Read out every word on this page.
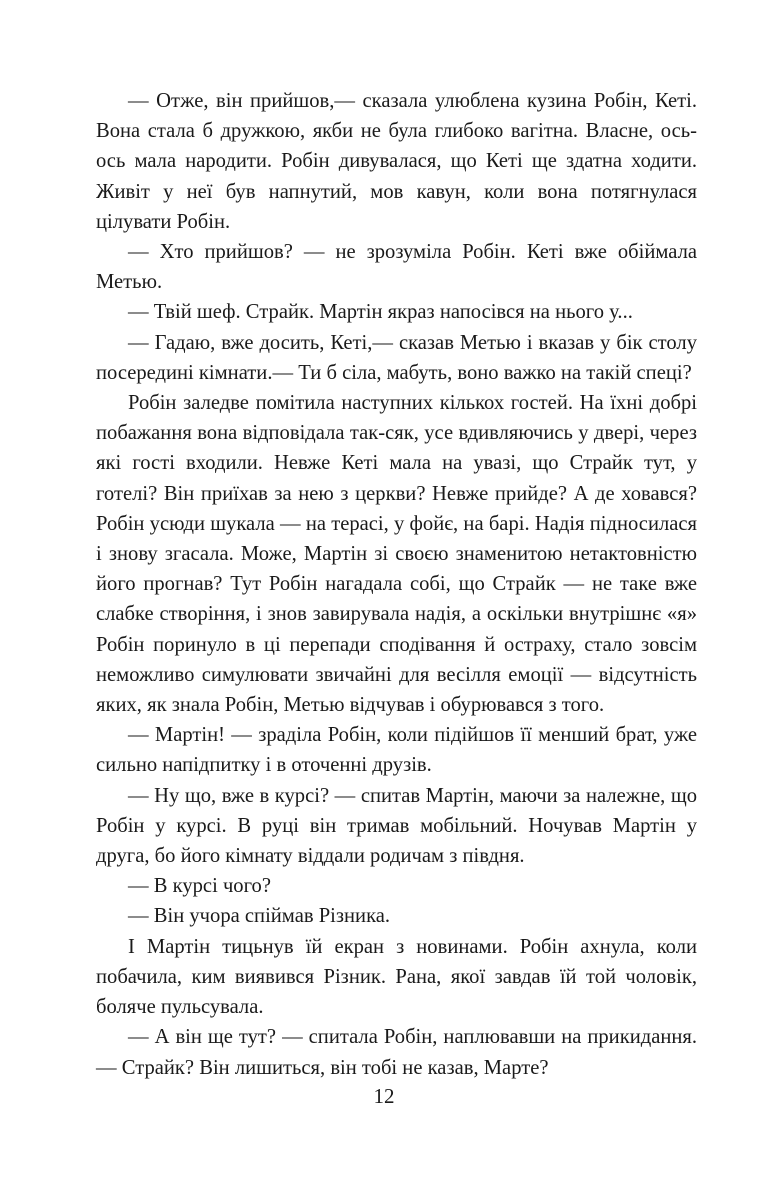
— Отже, він прийшов,— сказала улюблена кузина Робін, Кеті. Вона стала б дружкою, якби не була глибоко вагітна. Власне, ось-ось мала народити. Робін дивувалася, що Кеті ще здатна ходити. Живіт у неї був напнутий, мов кавун, коли вона потягнулася цілувати Робін.

— Хто прийшов? — не зрозуміла Робін. Кеті вже обіймала Метью.

— Твій шеф. Страйк. Мартін якраз напосівся на нього у...

— Гадаю, вже досить, Кеті,— сказав Метью і вказав у бік столу посередині кімнати.— Ти б сіла, мабуть, воно важко на такій спеці?

Робін заледве помітила наступних кількох гостей. На їхні добрі побажання вона відповідала так-сяк, усе вдивляючись у двері, через які гості входили. Невже Кеті мала на увазі, що Страйк тут, у готелі? Він приїхав за нею з церкви? Невже прийде? А де ховався? Робін усюди шукала — на терасі, у фойє, на барі. Надія підносилася і знову згасала. Може, Мартін зі своєю знаменитою нетактовністю його прогнав? Тут Робін нагадала собі, що Страйк — не таке вже слабке створіння, і знов завирувала надія, а оскільки внутрішнє «я» Робін поринуло в ці перепади сподівання й остраху, стало зовсім неможливо симулювати звичайні для весілля емоції — відсутність яких, як знала Робін, Метью відчував і обурювався з того.

— Мартін! — зраділа Робін, коли підійшов її менший брат, уже сильно напідпитку і в оточенні друзів.

— Ну що, вже в курсі? — спитав Мартін, маючи за належне, що Робін у курсі. В руці він тримав мобільний. Ночував Мартін у друга, бо його кімнату віддали родичам з півдня.

— В курсі чого?

— Він учора спіймав Різника.

І Мартін тицьнув їй екран з новинами. Робін ахнула, коли побачила, ким виявився Різник. Рана, якої завдав їй той чоловік, боляче пульсувала.

— А він ще тут? — спитала Робін, наплювавши на прикидання.— Страйк? Він лишиться, він тобі не казав, Марте?

12
